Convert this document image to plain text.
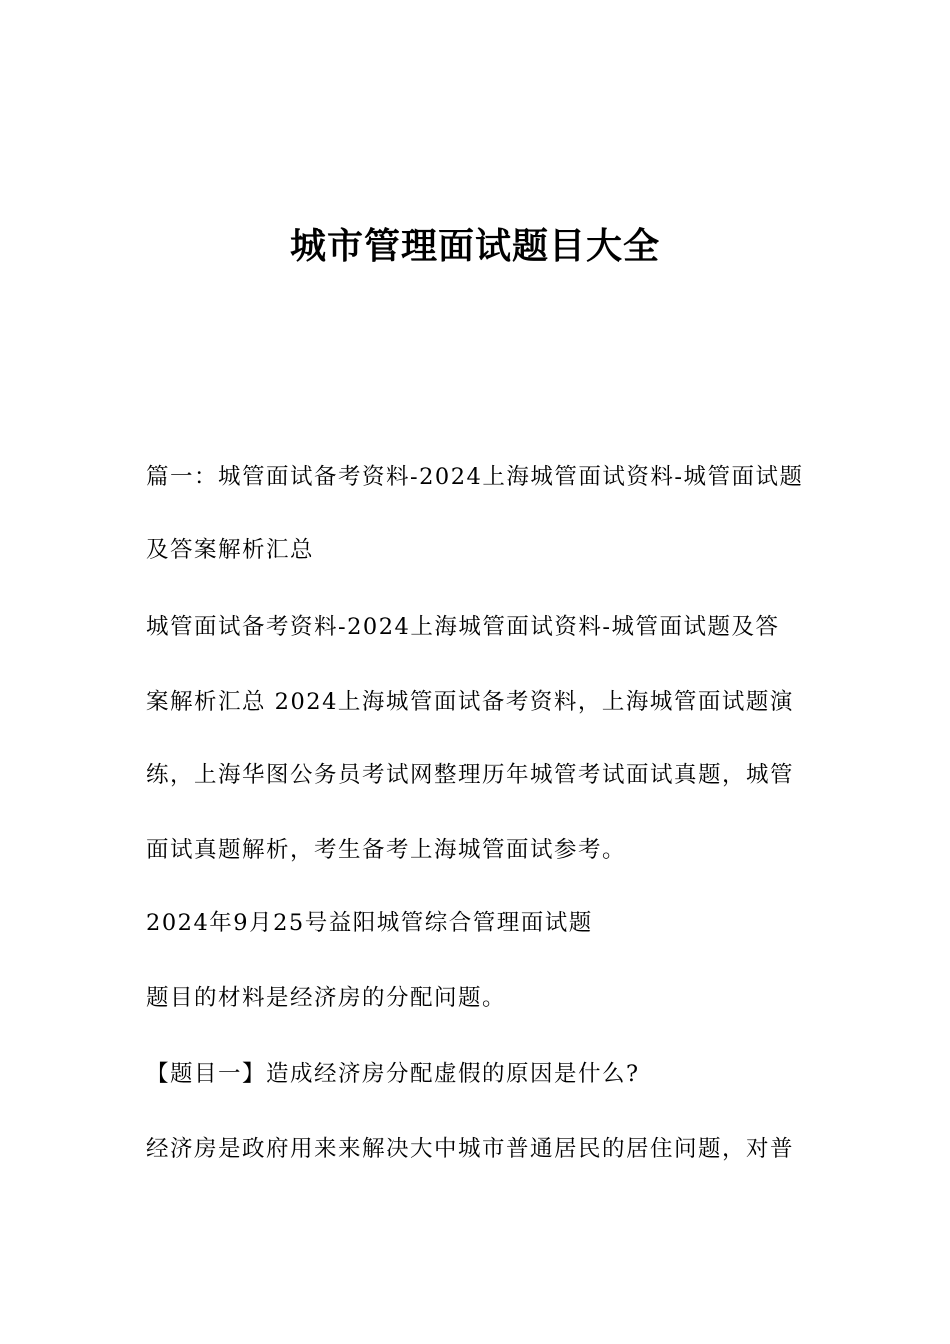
城市管理面试题目大全
篇一：城管面试备考资料-2024上海城管面试资料-城管面试题
及答案解析汇总
城管面试备考资料-2024上海城管面试资料-城管面试题及答
案解析汇总 2024上海城管面试备考资料，上海城管面试题演
练，上海华图公务员考试网整理历年城管考试面试真题，城管
面试真题解析，考生备考上海城管面试参考。
2024年9月25号益阳城管综合管理面试题
题目的材料是经济房的分配问题。
【题目一】造成经济房分配虚假的原因是什么?
经济房是政府用来来解决大中城市普通居民的居住问题，对普
